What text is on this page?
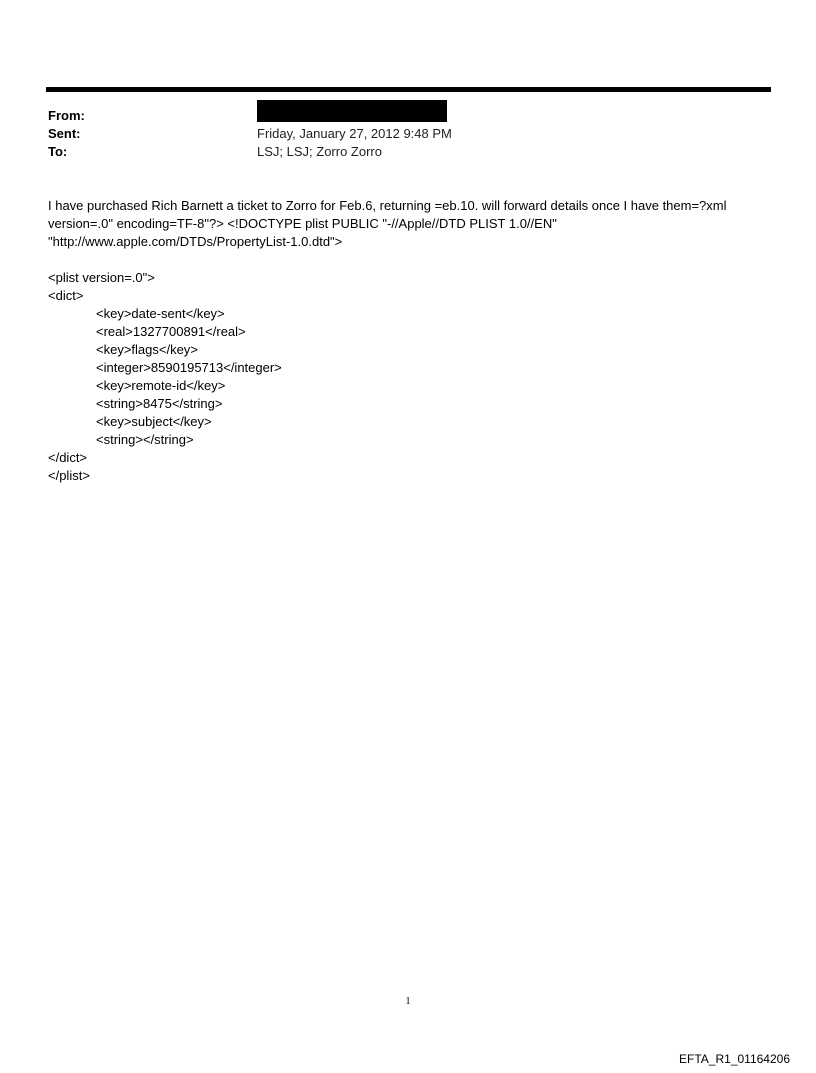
From:
Sent:	Friday, January 27, 2012 9:48 PM
To:	LSJ; LSJ; Zorro Zorro
I have purchased Rich Barnett a ticket to Zorro for Feb.6, returning =eb.10. will forward details once I have them=?xml version=.0" encoding=TF-8"?> <!DOCTYPE plist PUBLIC "-//Apple//DTD PLIST 1.0//EN" "http://www.apple.com/DTDs/PropertyList-1.0.dtd">
<plist version=.0">
<dict>
<key>date-sent</key>
<real>1327700891</real>
<key>flags</key>
<integer>8590195713</integer>
<key>remote-id</key>
<string>8475</string>
<key>subject</key>
<string></string>
</dict>
</plist>
1
EFTA_R1_01164206
